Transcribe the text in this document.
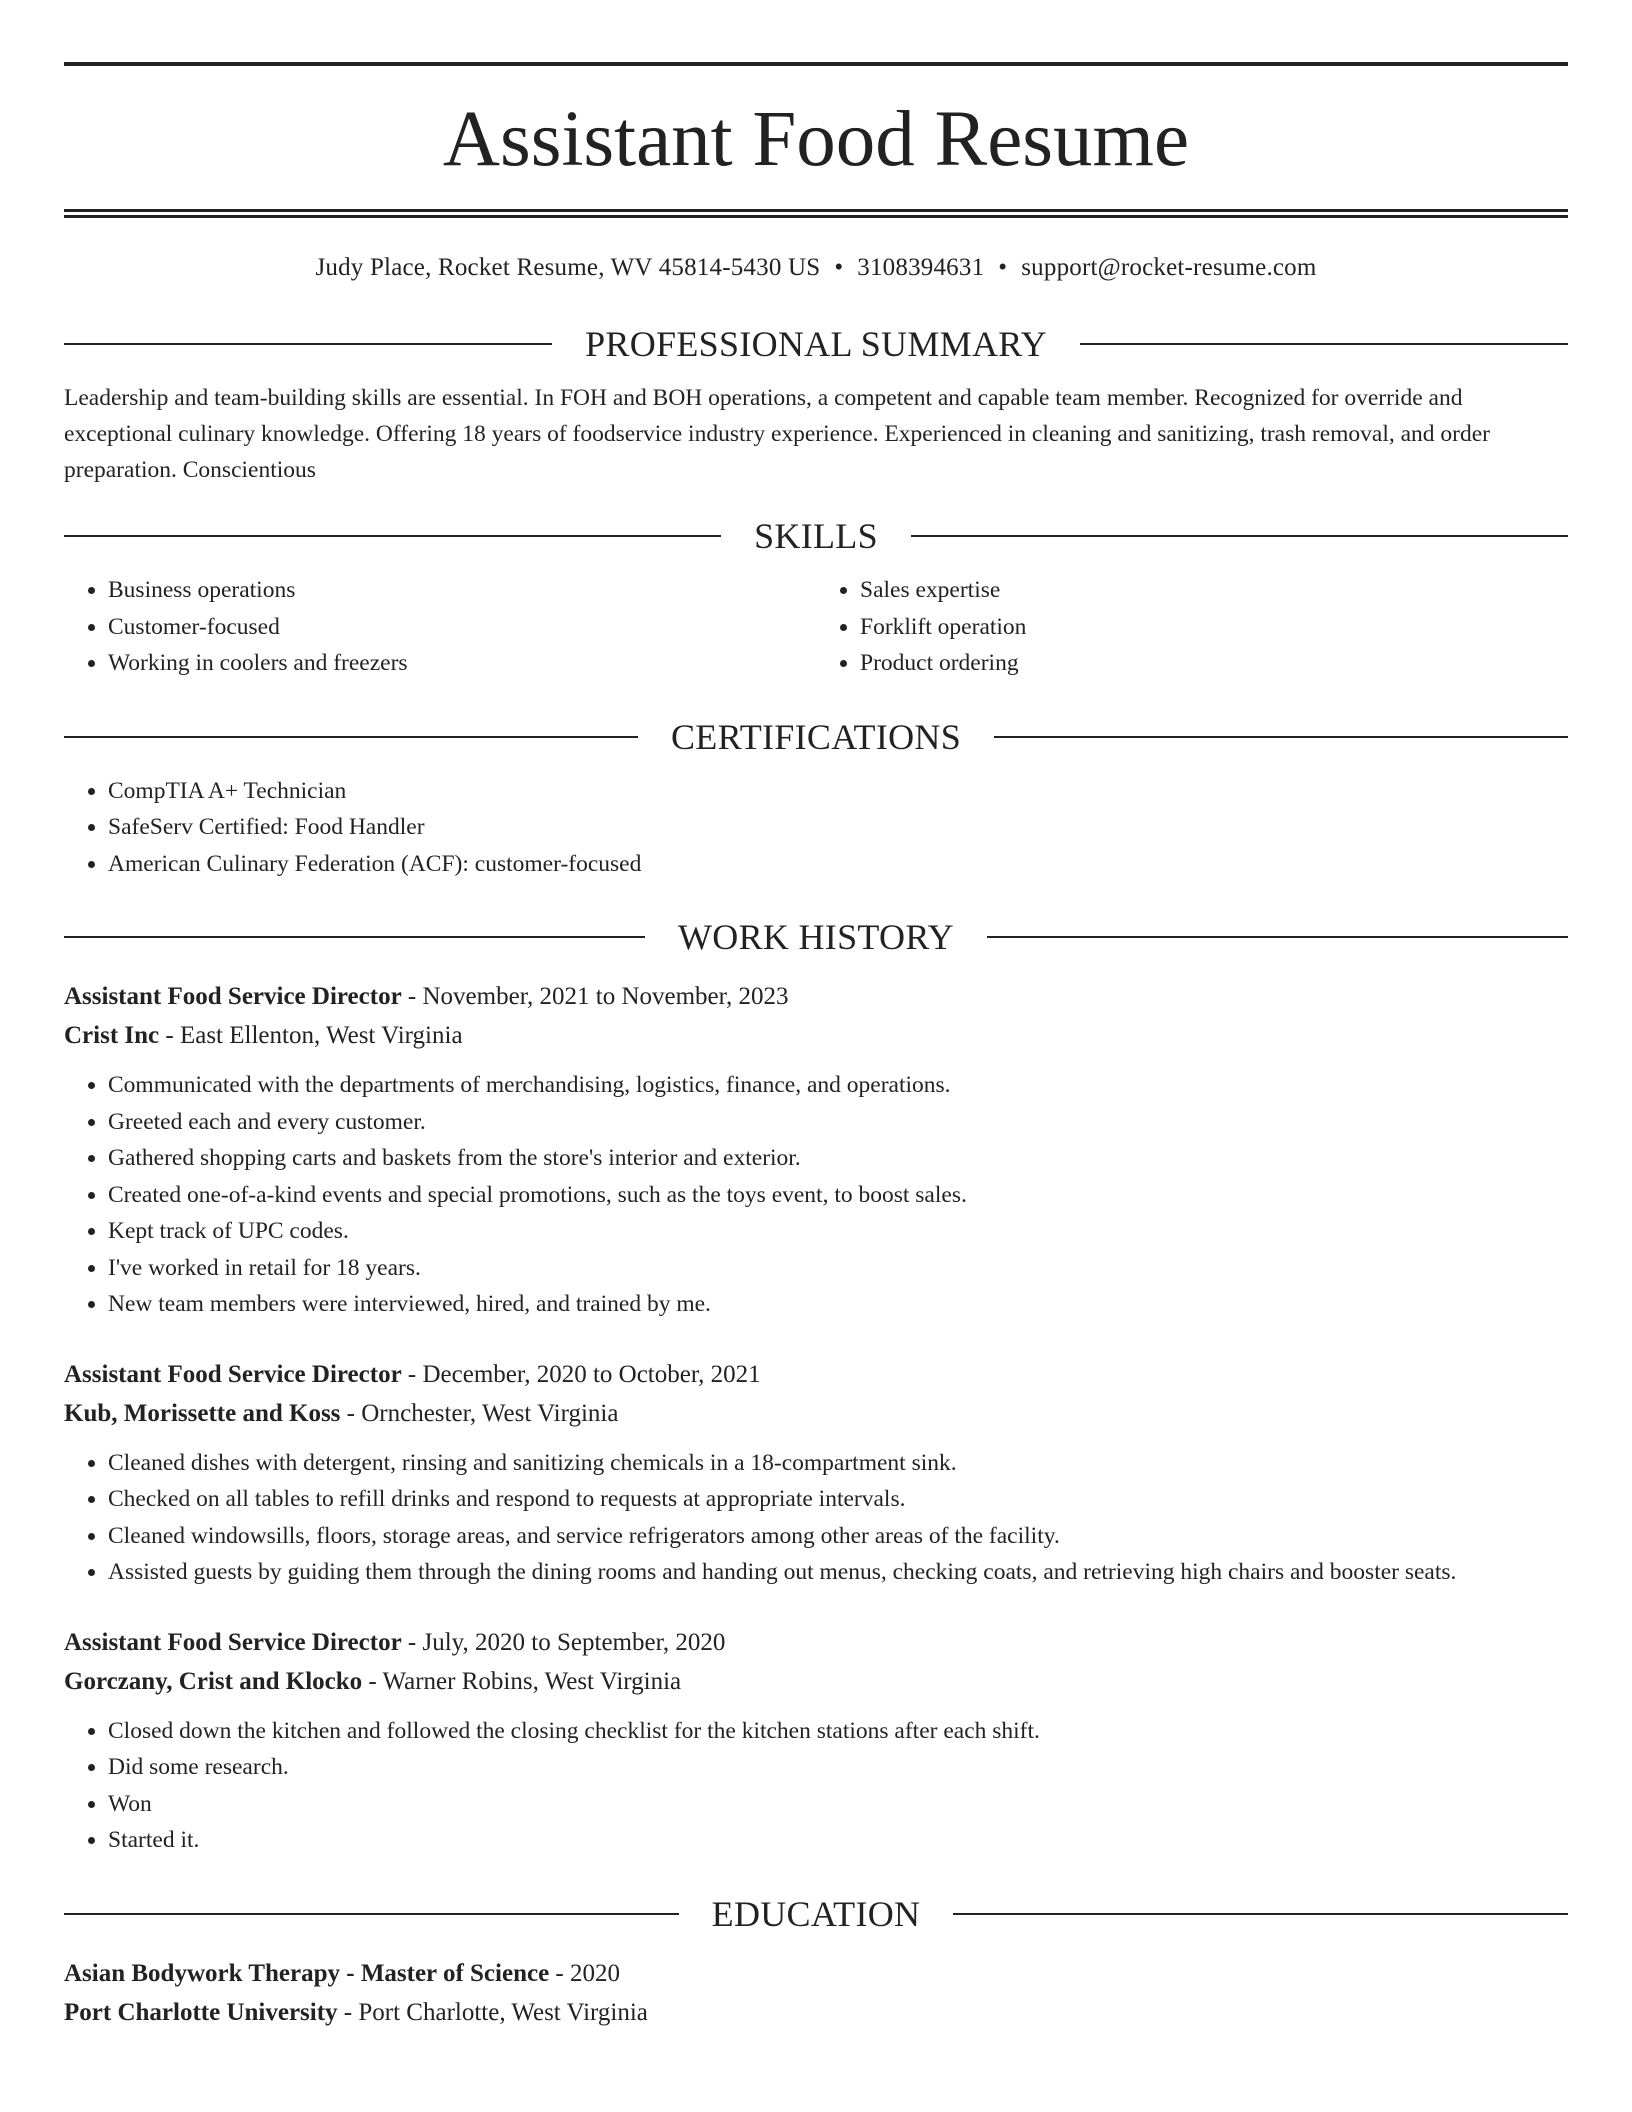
Assistant Food Resume
Judy Place, Rocket Resume, WV 45814-5430 US • 3108394631 • support@rocket-resume.com
PROFESSIONAL SUMMARY

Leadership and team-building skills are essential. In FOH and BOH operations, a competent and capable team member. Recognized for override and exceptional culinary knowledge. Offering 18 years of foodservice industry experience. Experienced in cleaning and sanitizing, trash removal, and order preparation. Conscientious

SKILLS
• Business operations
• Customer-focused
• Working in coolers and freezers
• Sales expertise
• Forklift operation
• Product ordering
CERTIFICATIONS
• CompTIA A+ Technician
• SafeServ Certified: Food Handler
• American Culinary Federation (ACF): customer-focused
WORK HISTORY
Assistant Food Service Director - November, 2021 to November, 2023
Crist Inc - East Ellenton, West Virginia
• Communicated with the departments of merchandising, logistics, finance, and operations.
• Greeted each and every customer.
• Gathered shopping carts and baskets from the store's interior and exterior.
• Created one-of-a-kind events and special promotions, such as the toys event, to boost sales.
• Kept track of UPC codes.
• I've worked in retail for 18 years.
• New team members were interviewed, hired, and trained by me.
Assistant Food Service Director - December, 2020 to October, 2021
Kub, Morissette and Koss - Ornchester, West Virginia
• Cleaned dishes with detergent, rinsing and sanitizing chemicals in a 18-compartment sink.
• Checked on all tables to refill drinks and respond to requests at appropriate intervals.
• Cleaned windowsills, floors, storage areas, and service refrigerators among other areas of the facility.
• Assisted guests by guiding them through the dining rooms and handing out menus, checking coats, and retrieving high chairs and booster seats.
Assistant Food Service Director - July, 2020 to September, 2020
Gorczany, Crist and Klocko - Warner Robins, West Virginia
• Closed down the kitchen and followed the closing checklist for the kitchen stations after each shift.
• Did some research.
• Won
• Started it.
EDUCATION
Asian Bodywork Therapy - Master of Science - 2020
Port Charlotte University - Port Charlotte, West Virginia
